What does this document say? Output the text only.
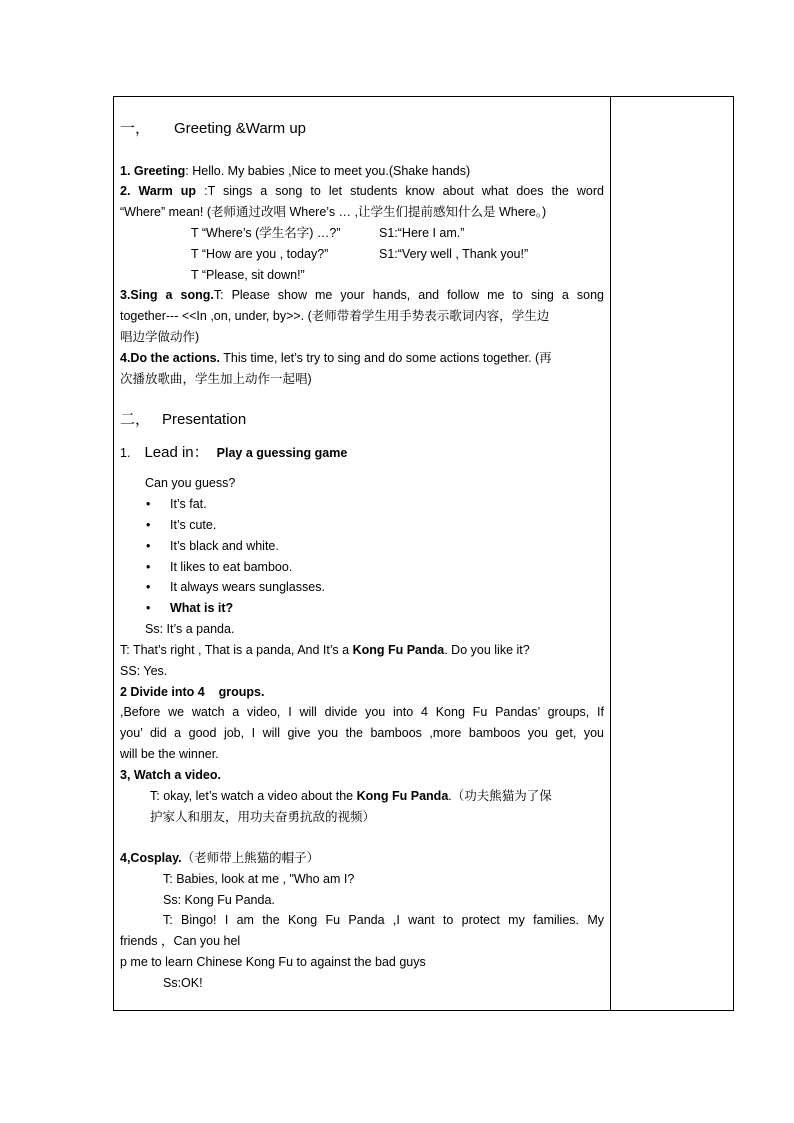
一， Greeting &Warm up
1. Greeting: Hello. My babies ,Nice to meet you.(Shake hands)
2. Warm up :T sings a song to let students know about what does the word
“Where” mean! (老师通过改唱 Where’s … ,让学生们提前感知什么是 Where。)
T “Where’s (学生名字) …?”	S1:“Here I am.”
T “How are you , today?”	S1:“Very well , Thank you!”
T “Please, sit down!”
3.Sing a song.T: Please show me your hands, and follow me to sing a song
together--- <<In ,on, under, by>>. (老师带着学生用手势表示歌词内容，学生边
唱边学做动作)
4.Do the actions. This time, let’s try to sing and do some actions together. (再
次播放歌曲，学生加上动作一起唱)
二， Presentation
1. Lead in： Play a guessing game
Can you guess?
• It’s fat.
• It’s cute.
• It’s black and white.
• It likes to eat bamboo.
• It always wears sunglasses.
• What is it?
Ss: It’s a panda.
T: That’s right , That is a panda, And It’s a Kong Fu Panda. Do you like it?
SS: Yes.
2 Divide into 4    groups.
,Before we watch a video, I will divide you into 4 Kong Fu Pandas’ groups, If
you’ did a good job, I will give you the bamboos ,more bamboos you get, you
will be the winner.
3, Watch a video.
T: okay, let’s watch a video about the Kong Fu Panda.（功夫熊猫为了保
护家人和朋友，用功夫奋勇抗敌的视频）
4,Cosplay.（老师带上熊猫的帽子）
T: Babies, look at me , "Who am I?
Ss: Kong Fu Panda.
T: Bingo! I am the Kong Fu Panda ,I want to protect my families. My
friends ，Can you hel
p me to learn Chinese Kong Fu to against the bad guys
Ss:OK!
